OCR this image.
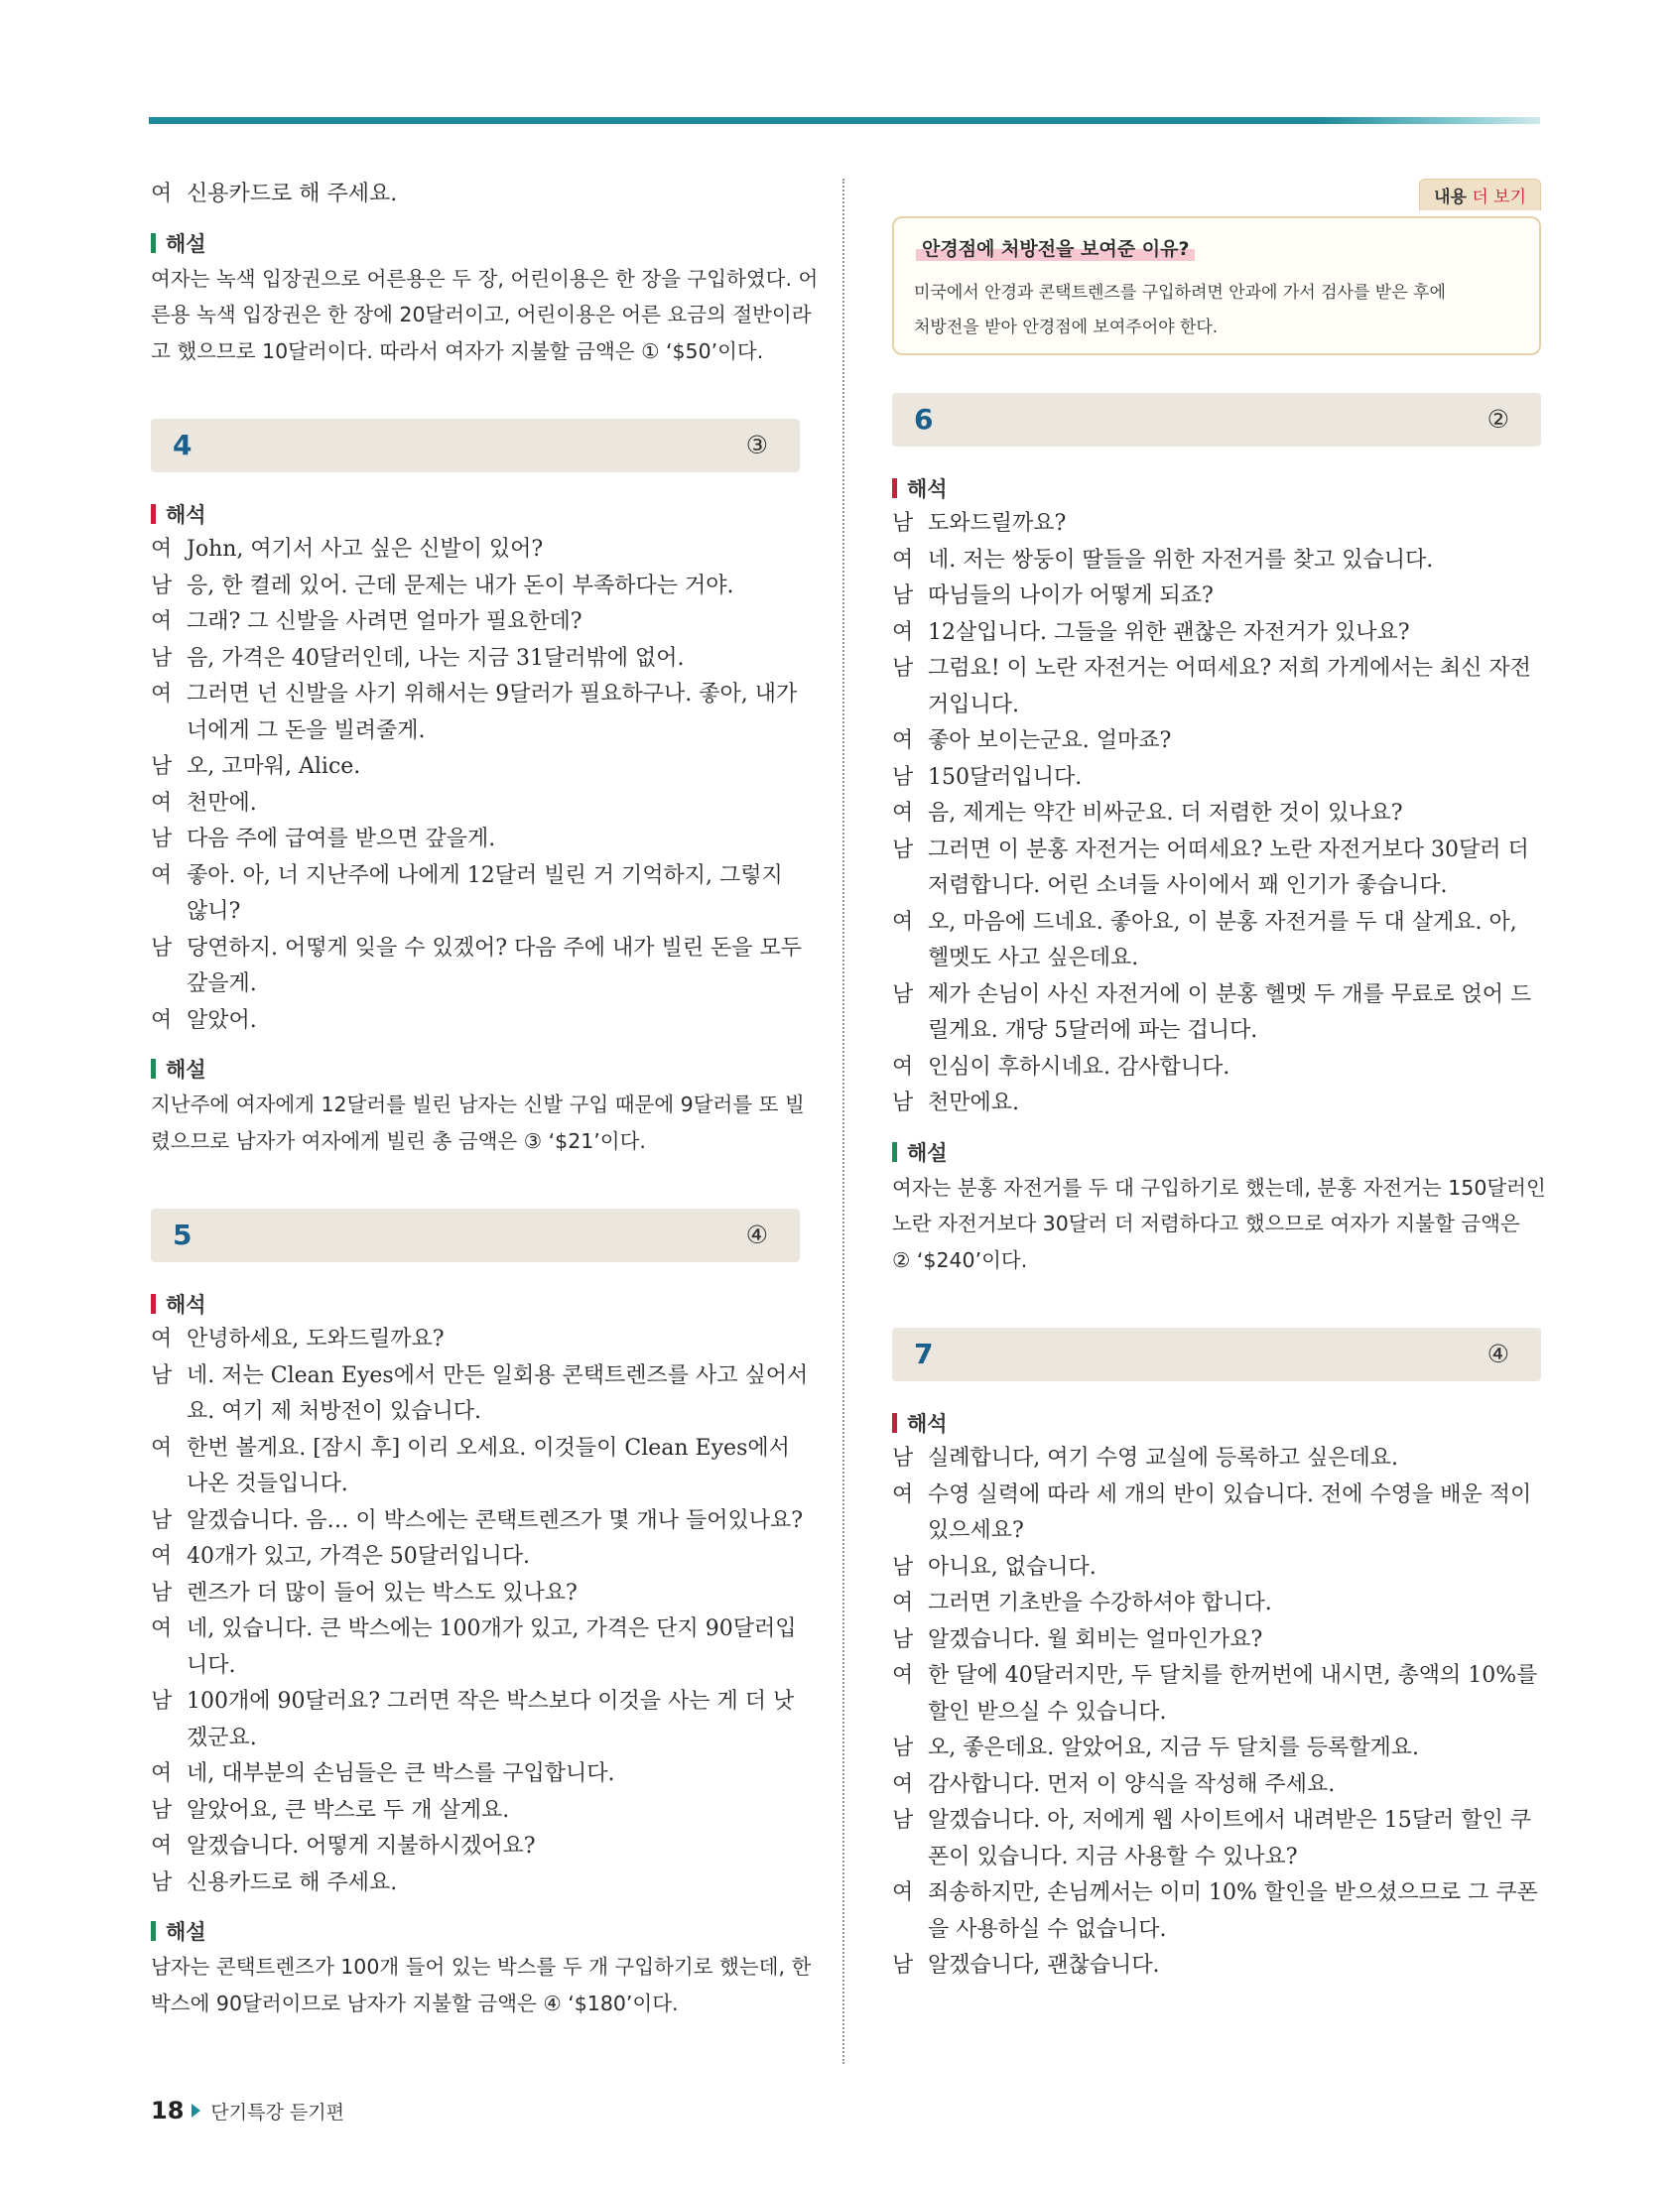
여 신용카드로 해 주세요.
해설
여자는 녹색 입장권으로 어른용은 두 장, 어린이용은 한 장을 구입하였다. 어
른용 녹색 입장권은 한 장에 20달러이고, 어린이용은 어른 요금의 절반이라
고 했으므로 10달러이다. 따라서 여자가 지불할 금액은 ① ‘$50’이다.
4	③
해석
여 John, 여기서 사고 싶은 신발이 있어?
남 응, 한 켤레 있어. 근데 문제는 내가 돈이 부족하다는 거야.
여 그래? 그 신발을 사려면 얼마가 필요한데?
남 음, 가격은 40달러인데, 나는 지금 31달러밖에 없어.
여 그러면 넌 신발을 사기 위해서는 9달러가 필요하구나. 좋아, 내가
너에게 그 돈을 빌려줄게.
남 오, 고마워, Alice.
여 천만에.
남 다음 주에 급여를 받으면 갚을게.
여 좋아. 아, 너 지난주에 나에게 12달러 빌린 거 기억하지, 그렇지
않니?
남 당연하지. 어떻게 잊을 수 있겠어? 다음 주에 내가 빌린 돈을 모두
갚을게.
여 알았어.
해설
지난주에 여자에게 12달러를 빌린 남자는 신발 구입 때문에 9달러를 또 빌
렸으므로 남자가 여자에게 빌린 총 금액은 ③ ‘$21’이다.
5	④
해석
여 안녕하세요, 도와드릴까요?
남 네. 저는 Clean Eyes에서 만든 일회용 콘택트렌즈를 사고 싶어서
요. 여기 제 처방전이 있습니다.
여 한번 볼게요. [잠시 후] 이리 오세요. 이것들이 Clean Eyes에서
나온 것들입니다.
남 알겠습니다. 음… 이 박스에는 콘택트렌즈가 몇 개나 들어있나요?
여 40개가 있고, 가격은 50달러입니다.
남 렌즈가 더 많이 들어 있는 박스도 있나요?
여 네, 있습니다. 큰 박스에는 100개가 있고, 가격은 단지 90달러입
니다.
남 100개에 90달러요? 그러면 작은 박스보다 이것을 사는 게 더 낫
겠군요.
여 네, 대부분의 손님들은 큰 박스를 구입합니다.
남 알았어요, 큰 박스로 두 개 살게요.
여 알겠습니다. 어떻게 지불하시겠어요?
남 신용카드로 해 주세요.
해설
남자는 콘택트렌즈가 100개 들어 있는 박스를 두 개 구입하기로 했는데, 한
박스에 90달러이므로 남자가 지불할 금액은 ④ ‘$180’이다.
내용 더 보기
안경점에 처방전을 보여준 이유?
미국에서 안경과 콘택트렌즈를 구입하려면 안과에 가서 검사를 받은 후에
처방전을 받아 안경점에 보여주어야 한다.
6	②
해석
남 도와드릴까요?
여 네. 저는 쌍둥이 딸들을 위한 자전거를 찾고 있습니다.
남 따님들의 나이가 어떻게 되죠?
여 12살입니다. 그들을 위한 괜찮은 자전거가 있나요?
남 그럼요! 이 노란 자전거는 어떠세요? 저희 가게에서는 최신 자전
거입니다.
여 좋아 보이는군요. 얼마죠?
남 150달러입니다.
여 음, 제게는 약간 비싸군요. 더 저렴한 것이 있나요?
남 그러면 이 분홍 자전거는 어떠세요? 노란 자전거보다 30달러 더
저렴합니다. 어린 소녀들 사이에서 꽤 인기가 좋습니다.
여 오, 마음에 드네요. 좋아요, 이 분홍 자전거를 두 대 살게요. 아,
헬멧도 사고 싶은데요.
남 제가 손님이 사신 자전거에 이 분홍 헬멧 두 개를 무료로 얹어 드
릴게요. 개당 5달러에 파는 겁니다.
여 인심이 후하시네요. 감사합니다.
남 천만에요.
해설
여자는 분홍 자전거를 두 대 구입하기로 했는데, 분홍 자전거는 150달러인
노란 자전거보다 30달러 더 저렴하다고 했으므로 여자가 지불할 금액은
② ‘$240’이다.
7	④
해석
남 실례합니다, 여기 수영 교실에 등록하고 싶은데요.
여 수영 실력에 따라 세 개의 반이 있습니다. 전에 수영을 배운 적이
있으세요?
남 아니요, 없습니다.
여 그러면 기초반을 수강하셔야 합니다.
남 알겠습니다. 월 회비는 얼마인가요?
여 한 달에 40달러지만, 두 달치를 한꺼번에 내시면, 총액의 10%를
할인 받으실 수 있습니다.
남 오, 좋은데요. 알았어요, 지금 두 달치를 등록할게요.
여 감사합니다. 먼저 이 양식을 작성해 주세요.
남 알겠습니다. 아, 저에게 웹 사이트에서 내려받은 15달러 할인 쿠
폰이 있습니다. 지금 사용할 수 있나요?
여 죄송하지만, 손님께서는 이미 10% 할인을 받으셨으므로 그 쿠폰
을 사용하실 수 없습니다.
남 알겠습니다, 괜찮습니다.
18 단기특강 듣기편
